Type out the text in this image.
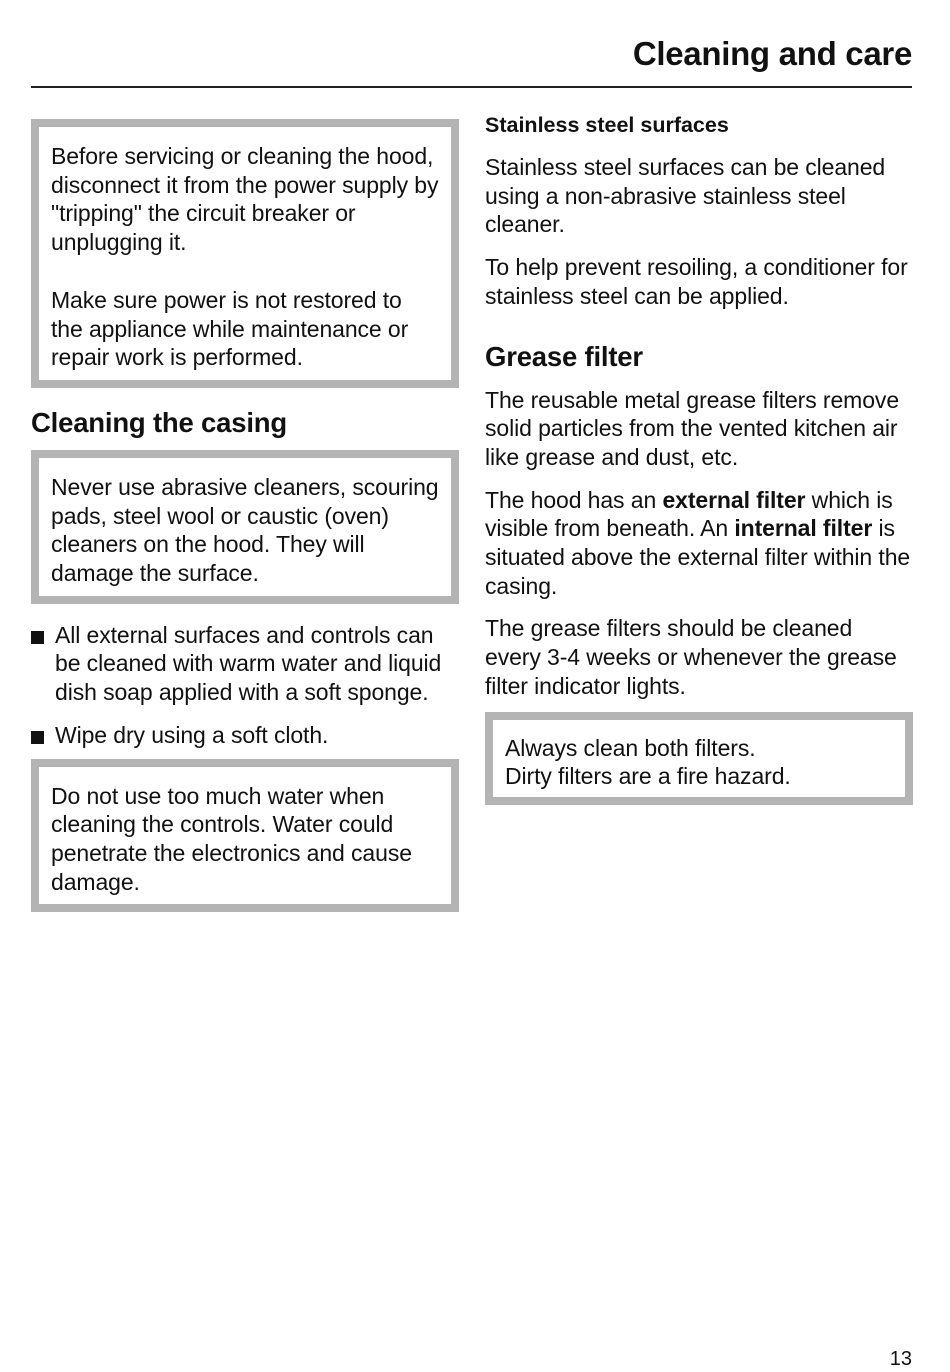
Cleaning and care

Before servicing or cleaning the hood, disconnect it from the power supply by "tripping" the circuit breaker or unplugging it.

Make sure power is not restored to the appliance while maintenance or repair work is performed.

Cleaning the casing

Never use abrasive cleaners, scouring pads, steel wool or caustic (oven) cleaners on the hood. They will damage the surface.

All external surfaces and controls can be cleaned with warm water and liquid dish soap applied with a soft sponge.
Wipe dry using a soft cloth.

Do not use too much water when cleaning the controls. Water could penetrate the electronics and cause damage.

Stainless steel surfaces

Stainless steel surfaces can be cleaned using a non-abrasive stainless steel cleaner.

To help prevent resoiling, a conditioner for stainless steel can be applied.

Grease filter

The reusable metal grease filters remove solid particles from the vented kitchen air like grease and dust, etc.

The hood has an external filter which is visible from beneath. An internal filter is situated above the external filter within the casing.

The grease filters should be cleaned every 3-4 weeks or whenever the grease filter indicator lights.

Always clean both filters.
Dirty filters are a fire hazard.
13
